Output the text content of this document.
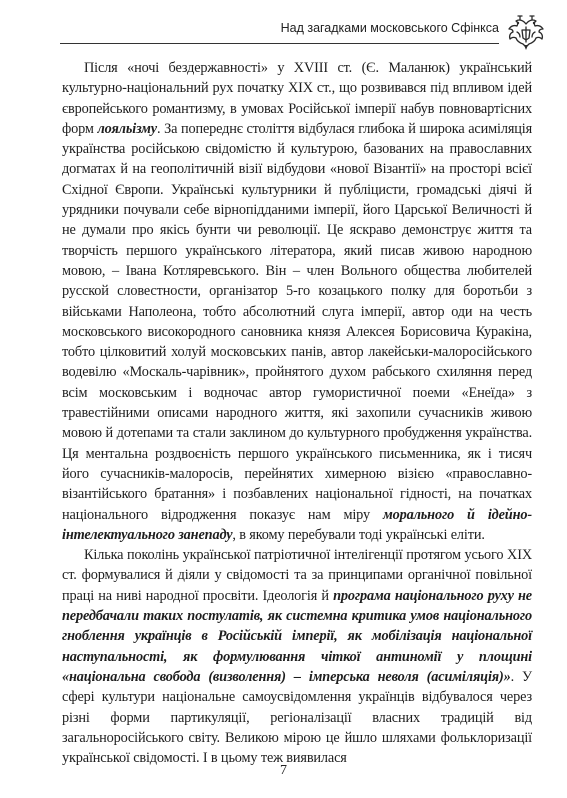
Над загадками московського Сфінкса

Після «ночі бездержавності» у XVIII ст. (Є. Маланюк) український культурно-національний рух початку XIX ст., що розвивався під впливом ідей європейського романтизму, в умовах Російської імперії набув повновартісних форм лояльізму. За попереднє століття відбулася глибока й широка асиміляція українства російською свідомістю й культурою, базованих на православних догматах й на геополітичній візії відбудови «нової Візантії» на просторі всієї Східної Європи. Українські культурники й публіцисти, громадські діячі й урядники почували себе вірнопідданими імперії, його Царської Величності й не думали про якісь бунти чи революції. Це яскраво демонструє життя та творчість першого українського літератора, який писав живою народною мовою, – Івана Котляревського. Він – член Вольного общества любителей русской словестности, організатор 5-го козацького полку для боротьби з військами Наполеона, тобто абсолютний слуга імперії, автор оди на честь московського високородного сановника князя Алексея Борисовича Куракіна, тобто цілковитий холуй московських панів, автор лакейськи-малоросійського водевілю «Москаль-чарівник», пройнятого духом рабського схиляння перед всім московським і водночас автор гумористичної поеми «Енеїда» з травестійними описами народного життя, які захопили сучасників живою мовою й дотепами та стали заклином до культурного пробудження українства. Ця ментальна роздвоєність першого українського письменника, як і тисяч його сучасників-малоросів, перейнятих химерною візією «православно-візантійського братання» і позбавлених національної гідності, на початках національного відродження показує нам міру морального й ідейно-інтелектуального занепаду, в якому перебували тоді українські еліти.

Кілька поколінь української патріотичної інтелігенції протягом усього XIX ст. формувалися й діяли у свідомості та за принципами органічної повільної праці на ниві народної просвіти. Ідеологія й програма національного руху не передбачали таких постулатів, як системна критика умов національного гноблення українців в Російській імперії, як мобілізація національної наступальності, як формулювання чіткої антиномії у площині «національна свобода (визволення) – імперська неволя (асиміляція)». У сфері культури національне самоусвідомлення українців відбувалося через різні форми партикуляції, регіоналізації власних традицій від загальноросійського світу. Великою мірою це йшло шляхами фольклоризації української свідомості. І в цьому теж виявилася

7
